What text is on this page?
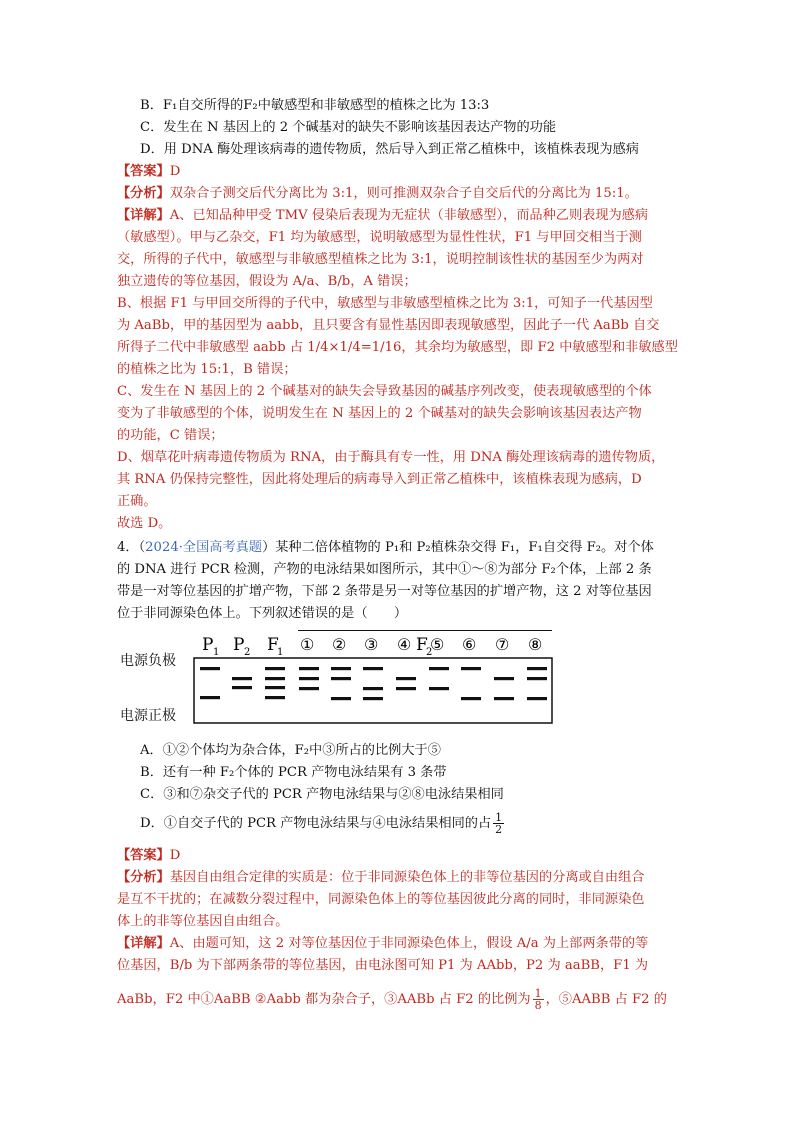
B．F₁自交所得的F₂中敏感型和非敏感型的植株之比为 13:3
C．发生在 N 基因上的 2 个碱基对的缺失不影响该基因表达产物的功能
D．用 DNA 酶处理该病毒的遗传物质，然后导入到正常乙植株中，该植株表现为感病
【答案】D
【分析】双杂合子测交后代分离比为 3:1，则可推测双杂合子自交后代的分离比为 15:1。
【详解】A、已知品种甲受 TMV 侵染后表现为无症状（非敏感型），而品种乙则表现为感病
（敏感型）。甲与乙杂交，F1 均为敏感型，说明敏感型为显性性状，F1 与甲回交相当于测
交，所得的子代中，敏感型与非敏感型植株之比为 3:1，说明控制该性状的基因至少为两对
独立遗传的等位基因，假设为 A/a、B/b，A 错误；
B、根据 F1 与甲回交所得的子代中，敏感型与非敏感型植株之比为 3:1，可知子一代基因型
为 AaBb，甲的基因型为 aabb，且只要含有显性基因即表现敏感型，因此子一代 AaBb 自交
所得子二代中非敏感型 aabb 占 1/4×1/4=1/16，其余均为敏感型，即 F2 中敏感型和非敏感型
的植株之比为 15:1，B 错误；
C、发生在 N 基因上的 2 个碱基对的缺失会导致基因的碱基序列改变，使表现敏感型的个体
变为了非敏感型的个体，说明发生在 N 基因上的 2 个碱基对的缺失会影响该基因表达产物
的功能，C 错误；
D、烟草花叶病毒遗传物质为 RNA，由于酶具有专一性，用 DNA 酶处理该病毒的遗传物质，
其 RNA 仍保持完整性，因此将处理后的病毒导入到正常乙植株中，该植株表现为感病，D
正确。
故选 D。
4．（2024·全国高考真题）某种二倍体植物的 P₁和 P₂植株杂交得 F₁，F₁自交得 F₂。对个体
的 DNA 进行 PCR 检测，产物的电泳结果如图所示，其中①～⑧为部分 F₂个体，上部 2 条
带是一对等位基因的扩增产物，下部 2 条带是另一对等位基因的扩增产物，这 2 对等位基因
位于非同源染色体上。下列叙述错误的是（　　）
P 1 P 2 F
1	F
2
① ② ③ ④ ⑤ ⑥ ⑦ ⑧
电源负极
电源正极
A．①②个体均为杂合体，F₂中③所占的比例大于⑤
B．还有一种 F₂个体的 PCR 产物电泳结果有 3 条带
C．③和⑦杂交子代的 PCR 产物电泳结果与②⑧电泳结果相同
D．①自交子代的 PCR 产物电泳结果与④电泳结果相同的占 $\frac{1}{2}$
【答案】D
【分析】基因自由组合定律的实质是：位于非同源染色体上的非等位基因的分离或自由组合
是互不干扰的；在减数分裂过程中，同源染色体上的等位基因彼此分离的同时，非同源染色
体上的非等位基因自由组合。
【详解】A、由题可知，这 2 对等位基因位于非同源染色体上，假设 A/a 为上部两条带的等
位基因，B/b 为下部两条带的等位基因，由电泳图可知 P1 为 AAbb，P2 为 aaBB，F1 为
AaBb，F2 中①AaBB ②Aabb 都为杂合子，③AABb 占 F2 的比例为 $\frac{1}{8}$ ，⑤AABB 占 F2 的
